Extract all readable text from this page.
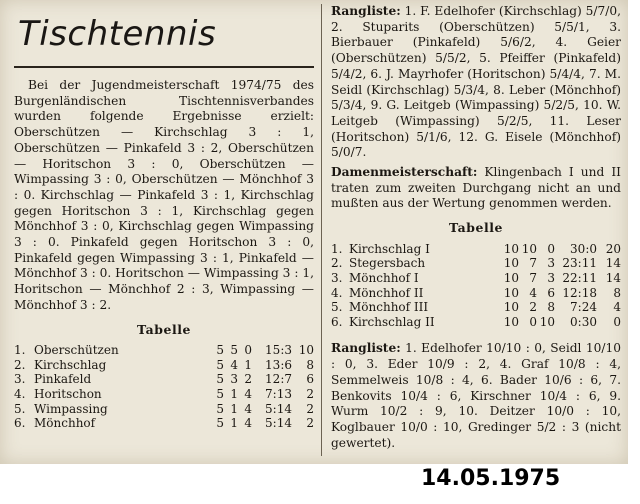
Tischtennis

Bei der Jugendmeisterschaft 1974/75 des Burgenländischen Tischtennisverbandes wurden folgende Ergebnisse erzielt: Oberschützen — Kirchschlag 3 : 1, Oberschützen — Pinkafeld 3 : 2, Oberschützen — Horitschon 3 : 0, Oberschützen — Wimpassing 3 : 0, Oberschützen — Mönchhof 3 : 0. Kirchschlag — Pinkafeld 3 : 1, Kirchschlag gegen Horitschon 3 : 1, Kirchschlag gegen Mönchhof 3 : 0, Kirchschlag gegen Wimpassing 3 : 0. Pinkafeld gegen Horitschon 3 : 0, Pinkafeld gegen Wimpassing 3 : 1, Pinkafeld — Mönchhof 3 : 0. Horitschon — Wimpassing 3 : 1, Horitschon — Mönchhof 2 : 3, Wimpassing — Mönchhof 3 : 2.

Tabelle
1.	Oberschützen	5	5	0	15:3	10
2.	Kirchschlag	5	4	1	13:6	8
3.	Pinkafeld	5	3	2	12:7	6
4.	Horitschon	5	1	4	7:13	2
5.	Wimpassing	5	1	4	5:14	2
6.	Mönchhof	5	1	4	5:14	2

Rangliste: 1. F. Edelhofer (Kirchschlag) 5/7/0, 2. Stuparits (Oberschützen) 5/5/1, 3. Bierbauer (Pinkafeld) 5/6/2, 4. Geier (Oberschützen) 5/5/2, 5. Pfeiffer (Pinkafeld) 5/4/2, 6. J. Mayrhofer (Horitschon) 5/4/4, 7. M. Seidl (Kirchschlag) 5/3/4, 8. Leber (Mönchhof) 5/3/4, 9. G. Leitgeb (Wimpassing) 5/2/5, 10. W. Leitgeb (Wimpassing) 5/2/5, 11. Leser (Horitschon) 5/1/6, 12. G. Eisele (Mönchhof) 5/0/7.

Damenmeisterschaft: Klingenbach I und II traten zum zweiten Durchgang nicht an und mußten aus der Wertung genommen werden.

Tabelle
1.	Kirchschlag I	10	10	0	30:0	20
2.	Stegersbach	10	7	3	23:11	14
3.	Mönchhof I	10	7	3	22:11	14
4.	Mönchhof II	10	4	6	12:18	8
5.	Mönchhof III	10	2	8	7:24	4
6.	Kirchschlag II	10	0	10	0:30	0

Rangliste: 1. Edelhofer 10/10 : 0, Seidl 10/10 : 0, 3. Eder 10/9 : 2, 4. Graf 10/8 : 4, Semmelweis 10/8 : 4, 6. Bader 10/6 : 6, 7. Benkovits 10/4 : 6, Kirschner 10/4 : 6, 9. Wurm 10/2 : 9, 10. Deitzer 10/0 : 10, Koglbauer 10/0 : 10, Gredinger 5/2 : 3 (nicht gewertet).

14.05.1975
